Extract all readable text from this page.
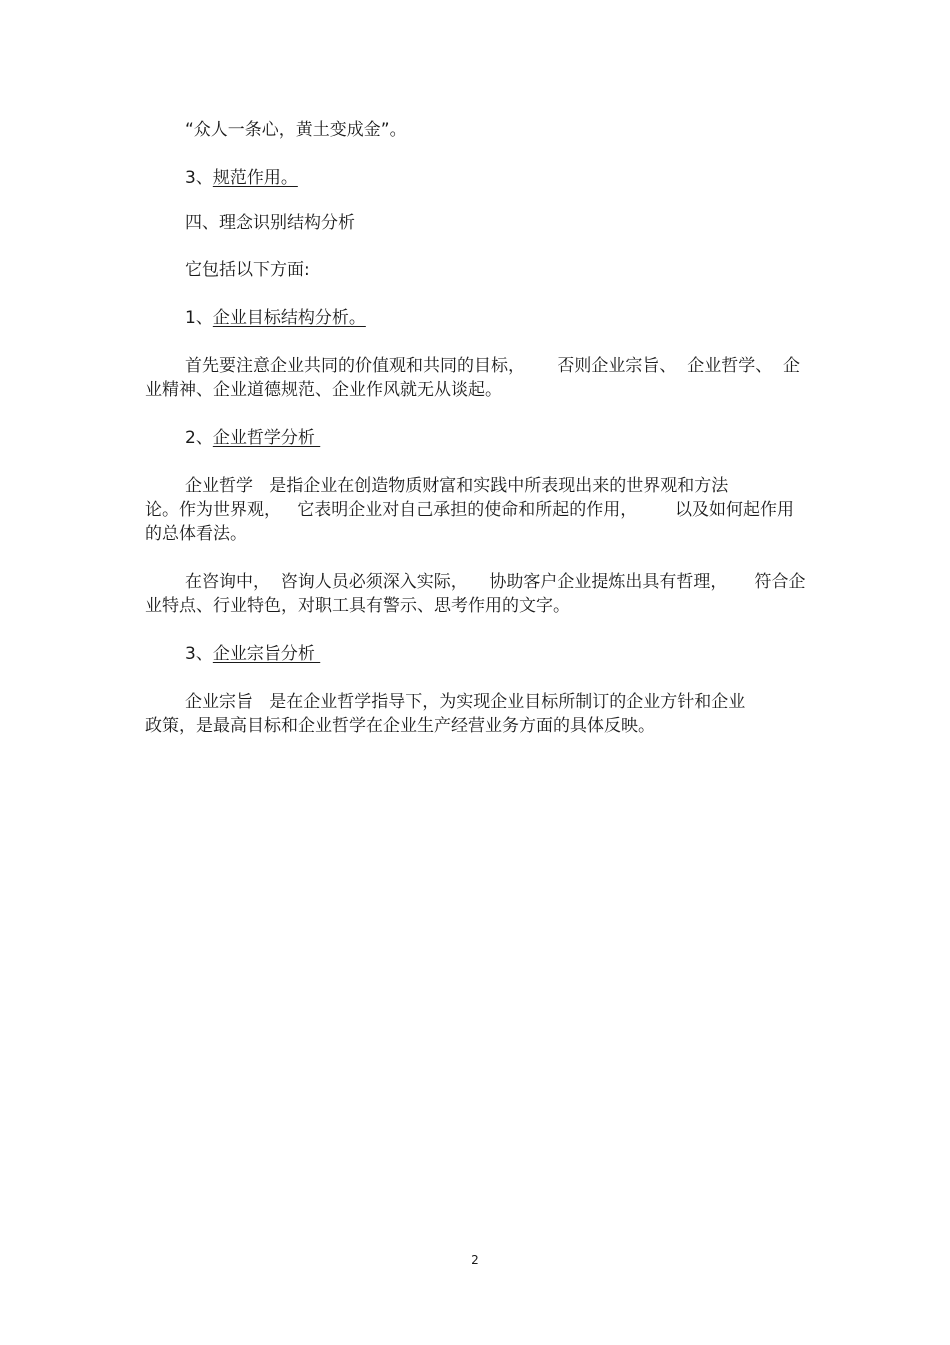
“众人一条心，黄土变成金”。

3、规范作用。

四、理念识别结构分析

它包括以下方面:

1、企业目标结构分析。

首先要注意企业共同的价值观和共同的目标，      否则企业宗旨、  企业哲学、  企

业精神、企业道德规范、企业作风就无从谈起。

2、企业哲学分析

企业哲学   是指企业在创造物质财富和实践中所表现出来的世界观和方法

论。作为世界观，   它表明企业对自己承担的使命和所起的作用，       以及如何起作用

的总体看法。

在咨询中，  咨询人员必须深入实际，    协助客户企业提炼出具有哲理，     符合企

业特点、行业特色，对职工具有警示、思考作用的文字。

3、企业宗旨分析

企业宗旨   是在企业哲学指导下，为实现企业目标所制订的企业方针和企业

政策，是最高目标和企业哲学在企业生产经营业务方面的具体反映。

2
